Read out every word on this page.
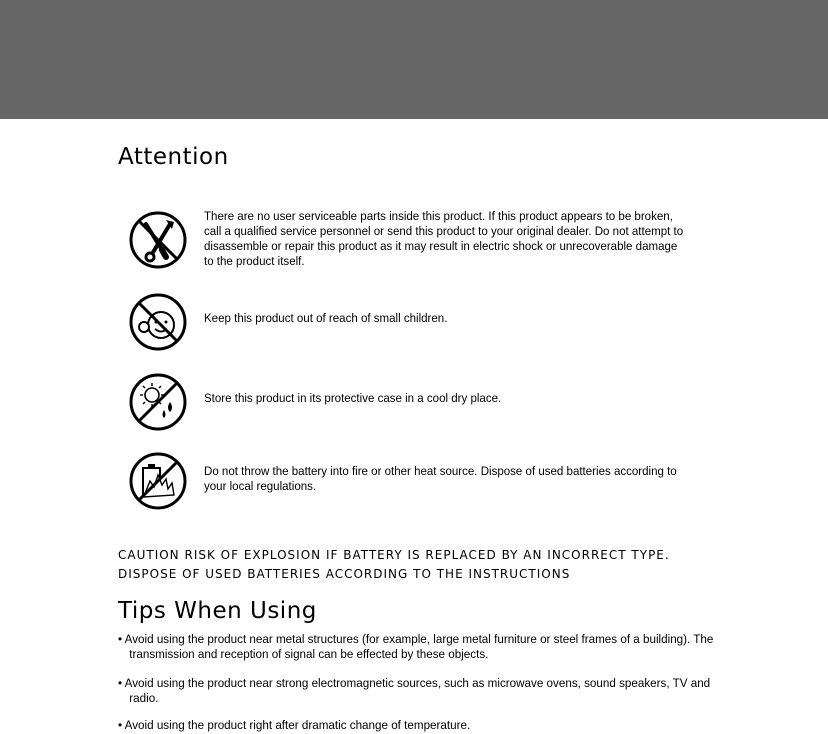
Attention
There are no user serviceable parts inside this product. If this product appears to be broken, call a qualified service personnel or send this product to your original dealer. Do not attempt to disassemble or repair this product as it may result in electric shock or unrecoverable damage to the product itself.
Keep this product out of reach of small children.
Store this product in its protective case in a cool dry place.
Do not throw the battery into fire or other heat source. Dispose of used batteries according to your local regulations.
CAUTION RISK OF EXPLOSION IF BATTERY IS REPLACED BY AN INCORRECT TYPE.
DISPOSE OF USED BATTERIES ACCORDING TO THE INSTRUCTIONS
Tips When Using
• Avoid using the product near metal structures (for example, large metal furniture or steel frames of a building). The transmission and reception of signal can be effected by these objects.
• Avoid using the product near strong electromagnetic sources, such as microwave ovens, sound speakers, TV and radio.
• Avoid using the product right after dramatic change of temperature.
